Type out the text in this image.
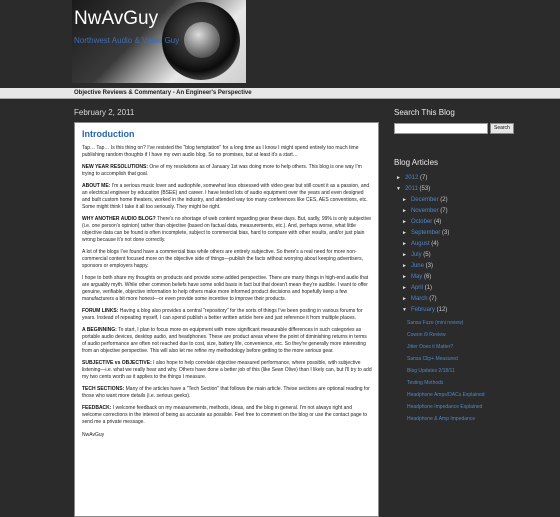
NwAvGuy
Northwest Audio & Video Guy
Objective Reviews & Commentary - An Engineer's Perspective
February 2, 2011
Introduction

Tap… Tap… Is this thing on? I've resisted the "blog temptation" for a long time as I know I might spend entirely too much time publishing random thoughts if I have my own audio blog. So no promises, but at least it's a start…

NEW YEAR RESOLUTIONS: One of my resolutions as of January 1st was doing more to help others. This blog is one way I'm trying to accomplish that goal.

ABOUT ME: I'm a serious music lover and audiophile, somewhat less obsessed with video gear but still count it as a passion, and an electrical engineer by education (BSEE) and career. I have tested lots of audio equipment over the years and even designed and built custom home theaters, worked in the industry, and attended way too many conferences like CES, AES conventions, etc. Some might think I take it all too seriously. They might be right.

WHY ANOTHER AUDIO BLOG? There's no shortage of web content regarding gear these days. But, sadly, 99% is only subjective (i.e. one person's opinion) rather than objective (based on factual data, measurements, etc.). And, perhaps worse, what little objective data can be found is often incomplete, subject to commercial bias, hard to compare with other results, and/or just plain wrong because it's not done correctly.

A lot of the blogs I've found have a commercial bias while others are entirely subjective. So there's a real need for more non-commercial content focused more on the objective side of things—publish the facts without worrying about keeping advertisers, sponsors or employers happy.

I hope to both share my thoughts on products and provide some added perspective. There are many things in high-end audio that are arguably myth. While other common beliefs have some solid basis in fact but that doesn't mean they're audible. I want to offer genuine, verifiable, objective information to help others make more informed product decisions and hopefully keep a few manufacturers a bit more honest—or even provide some incentive to improve their products.

FORUM LINKS: Having a blog also provides a central "repository" for the sorts of things I've been posting in various forums for years. Instead of repeating myself, I can spend publish a better written article here and just reference it from multiple places.

A BEGINNING: To start, I plan to focus more on equipment with more significant measurable differences in such categories as portable audio devices, desktop audio, and headphones. These are product areas where the point of diminishing returns in terms of audio performance are often not reached due to cost, size, battery life, convenience, etc. So they're generally more interesting from an objective perspective. This will also let me refine my methodology before getting to the more serious gear.

SUBJECTIVE vs OBJECTIVE: I also hope to help correlate objective measured performance, where possible, with subjective listening—i.e. what we really hear and why. Others have done a better job of this (like Sean Olive) than I likely can, but I'll try to add my two cents worth as it applies to the things I measure.

TECH SECTIONS: Many of the articles have a "Tech Section" that follows the main article. These sections are optional reading for those who want more details (i.e. serious geeks).

FEEDBACK: I welcome feedback on my measurements, methods, ideas, and the blog in general. I'm not always right and welcome corrections in the interest of being as accurate as possible. Feel free to comment on the blog or use the contact page to send me a private message.

NwAvGuy

Search This Blog
Search
Blog Articles
► 2012 (7)
▼ 2011 (53)
► December (2)
► November (7)
► October (4)
► September (3)
► August (4)
► July (5)
► June (3)
► May (6)
► April (1)
► March (7)
▼ February (12)
Sansa Fuze (mini review)
Cowon i9 Review
Jitter Does it Matter?
Sansa Clip+ Measured
Blog Updates 2/18/11
Testing Methods
Headphone Amps/DACs Explained
Headphone Impedance Explained
Headphone & Amp Impedance
